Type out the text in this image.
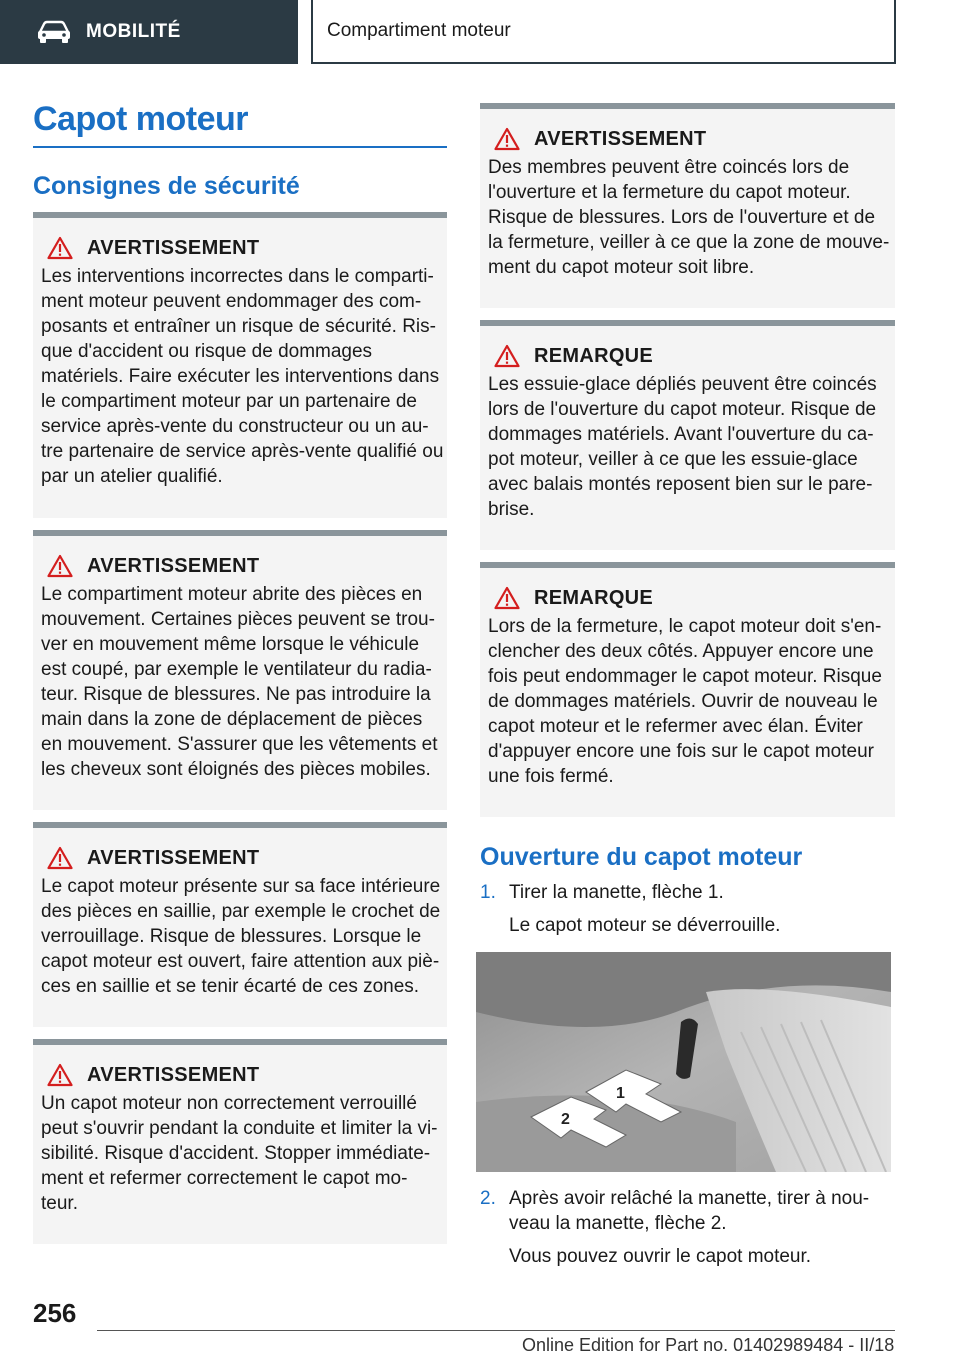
MOBILITÉ	Compartiment moteur
Capot moteur
Consignes de sécurité
AVERTISSEMENT
Les interventions incorrectes dans le comparti-
ment moteur peuvent endommager des com-
posants et entraîner un risque de sécurité. Ris-
que d'accident ou risque de dommages
matériels. Faire exécuter les interventions dans
le compartiment moteur par un partenaire de
service après-vente du constructeur ou un au-
tre partenaire de service après-vente qualifié ou
par un atelier qualifié.
AVERTISSEMENT
Le compartiment moteur abrite des pièces en
mouvement. Certaines pièces peuvent se trou-
ver en mouvement même lorsque le véhicule
est coupé, par exemple le ventilateur du radia-
teur. Risque de blessures. Ne pas introduire la
main dans la zone de déplacement de pièces
en mouvement. S'assurer que les vêtements et
les cheveux sont éloignés des pièces mobiles.
AVERTISSEMENT
Le capot moteur présente sur sa face intérieure
des pièces en saillie, par exemple le crochet de
verrouillage. Risque de blessures. Lorsque le
capot moteur est ouvert, faire attention aux piè-
ces en saillie et se tenir écarté de ces zones.
AVERTISSEMENT
Un capot moteur non correctement verrouillé
peut s'ouvrir pendant la conduite et limiter la vi-
sibilité. Risque d'accident. Stopper immédiate-
ment et refermer correctement le capot mo-
teur.
AVERTISSEMENT
Des membres peuvent être coincés lors de
l'ouverture et la fermeture du capot moteur.
Risque de blessures. Lors de l'ouverture et de
la fermeture, veiller à ce que la zone de mouve-
ment du capot moteur soit libre.
REMARQUE
Les essuie-glace dépliés peuvent être coincés
lors de l'ouverture du capot moteur. Risque de
dommages matériels. Avant l'ouverture du ca-
pot moteur, veiller à ce que les essuie-glace
avec balais montés reposent bien sur le pare-
brise.
REMARQUE
Lors de la fermeture, le capot moteur doit s'en-
clencher des deux côtés. Appuyer encore une
fois peut endommager le capot moteur. Risque
de dommages matériels. Ouvrir de nouveau le
capot moteur et le refermer avec élan. Éviter
d'appuyer encore une fois sur le capot moteur
une fois fermé.
Ouverture du capot moteur
1. Tirer la manette, flèche 1.
Le capot moteur se déverrouille.
1
2
2. Après avoir relâché la manette, tirer à nou-
veau la manette, flèche 2.
Vous pouvez ouvrir le capot moteur.
256
Online Edition for Part no. 01402989484 - II/18
